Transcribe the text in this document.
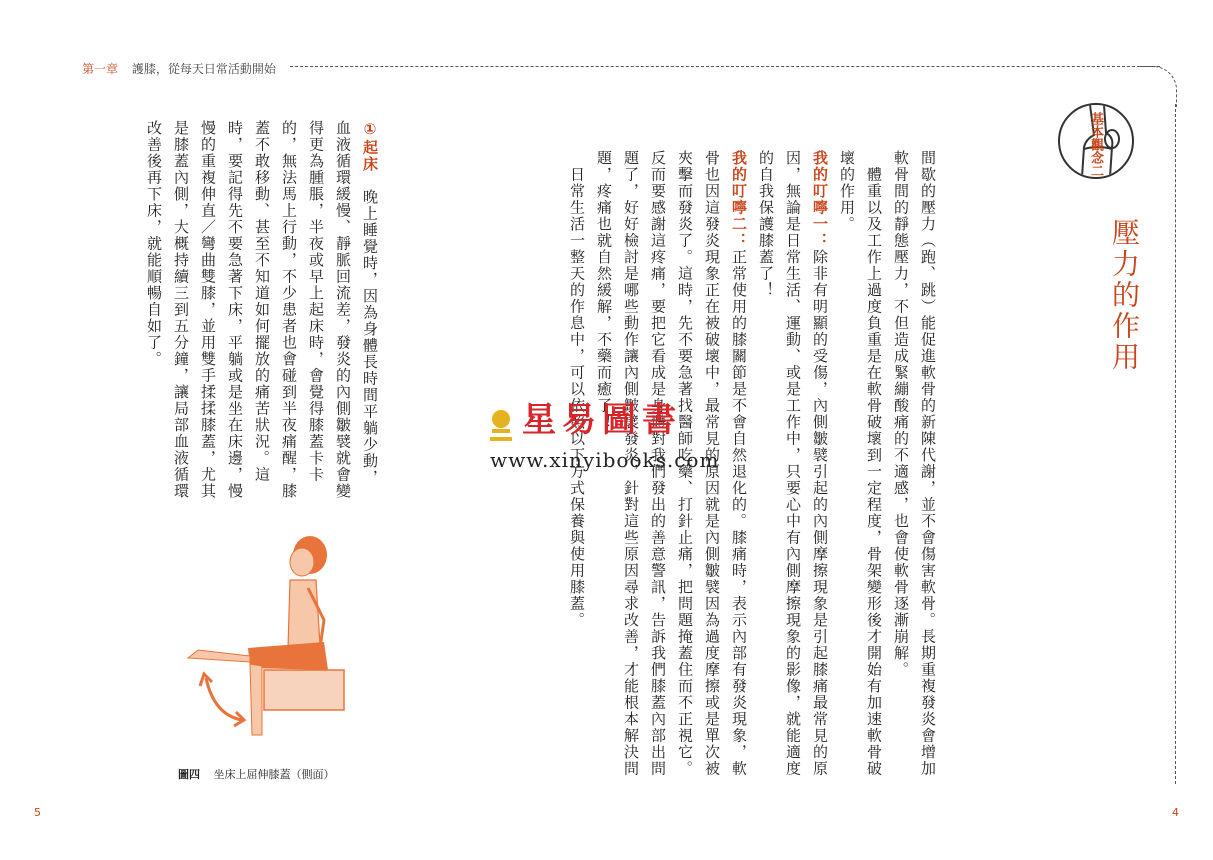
第一章 護膝，從每天日常活動開始
基本觀念二
壓力的作用
間歇的壓力（跑、跳）能促進軟骨的新陳代謝，並不會傷害軟骨。長期重複發炎會增加軟骨間的靜態壓力，不但造成緊繃酸痛的不適感，也會使軟骨逐漸崩解。
　體重以及工作上過度負重是在軟骨破壞到一定程度，骨架變形後才開始有加速軟骨破壞的作用。
我的叮嚀一：除非有明顯的受傷，內側皺襞引起的內側摩擦現象是引起膝痛最常見的原因，無論是日常生活、運動、或是工作中，只要心中有內側摩擦現象的影像，就能適度的自我保護膝蓋了！
我的叮嚀二：正常使用的膝關節是不會自然退化的。膝痛時，表示內部有發炎現象，軟骨也因這發炎現象正在被破壞中，最常見的原因就是內側皺襞因為過度摩擦或是單次被夾擊而發炎了。這時，先不要急著找醫師吃藥、打針止痛，把問題掩蓋住而不正視它。反而要感謝這疼痛，要把它看成是身體對我們發出的善意警訊，告訴我們膝蓋內部出問題了，好好檢討是哪些動作讓內側皺襞發炎，針對這些原因尋求改善，才能根本解決問題，疼痛也就自然緩解，不藥而癒了！
　日常生活一整天的作息中，可以依照以下方式保養與使用膝蓋。
①起床　晚上睡覺時，因為身體長時間平躺少動，血液循環緩慢、靜脈回流差，發炎的內側皺襞就會變得更為腫脹，半夜或早上起床時，會覺得膝蓋卡卡的，無法馬上行動，不少患者也會碰到半夜痛醒，膝蓋不敢移動、甚至不知道如何擺放的痛苦狀況。這時，要記得先不要急著下床，平躺或是坐在床邊，慢慢的重複伸直／彎曲雙膝，並用雙手揉揉膝蓋，尤其是膝蓋內側，大概持續三到五分鐘，讓局部血液循環改善後再下床，就能順暢自如了。
圖四 坐床上屈伸膝蓋（側面）
星易圖書
www.xinyibooks.com
5	4
